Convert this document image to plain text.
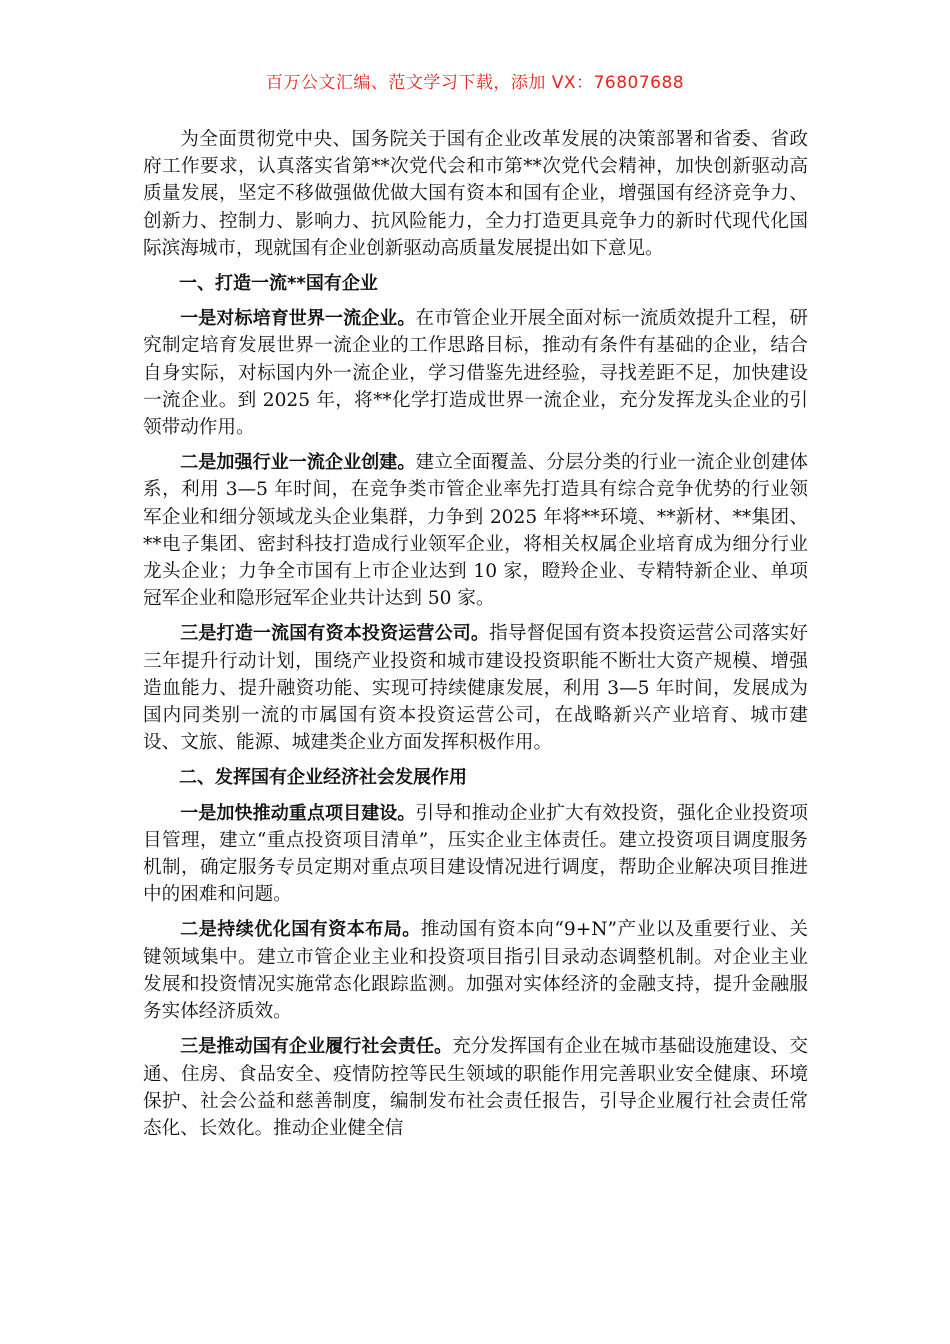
百万公文汇编、范文学习下载，添加 VX：76807688

为全面贯彻党中央、国务院关于国有企业改革发展的决策部署和省委、省政府工作要求，认真落实省第**次党代会和市第**次党代会精神，加快创新驱动高质量发展，坚定不移做强做优做大国有资本和国有企业，增强国有经济竞争力、创新力、控制力、影响力、抗风险能力，全力打造更具竞争力的新时代现代化国际滨海城市，现就国有企业创新驱动高质量发展提出如下意见。

一、打造一流**国有企业

一是对标培育世界一流企业。在市管企业开展全面对标一流质效提升工程，研究制定培育发展世界一流企业的工作思路目标，推动有条件有基础的企业，结合自身实际，对标国内外一流企业，学习借鉴先进经验，寻找差距不足，加快建设一流企业。到 2025 年，将**化学打造成世界一流企业，充分发挥龙头企业的引领带动作用。

二是加强行业一流企业创建。建立全面覆盖、分层分类的行业一流企业创建体系，利用 3—5 年时间，在竞争类市管企业率先打造具有综合竞争优势的行业领军企业和细分领域龙头企业集群，力争到 2025 年将**环境、**新材、**集团、**电子集团、密封科技打造成行业领军企业，将相关权属企业培育成为细分行业龙头企业；力争全市国有上市企业达到 10 家，瞪羚企业、专精特新企业、单项冠军企业和隐形冠军企业共计达到 50 家。

三是打造一流国有资本投资运营公司。指导督促国有资本投资运营公司落实好三年提升行动计划，围绕产业投资和城市建设投资职能不断壮大资产规模、增强造血能力、提升融资功能、实现可持续健康发展，利用 3—5 年时间，发展成为国内同类别一流的市属国有资本投资运营公司，在战略新兴产业培育、城市建设、文旅、能源、城建类企业方面发挥积极作用。

二、发挥国有企业经济社会发展作用

一是加快推动重点项目建设。引导和推动企业扩大有效投资，强化企业投资项目管理，建立“重点投资项目清单”，压实企业主体责任。建立投资项目调度服务机制，确定服务专员定期对重点项目建设情况进行调度，帮助企业解决项目推进中的困难和问题。

二是持续优化国有资本布局。推动国有资本向“9+N”产业以及重要行业、关键领域集中。建立市管企业主业和投资项目指引目录动态调整机制。对企业主业发展和投资情况实施常态化跟踪监测。加强对实体经济的金融支持，提升金融服务实体经济质效。

三是推动国有企业履行社会责任。充分发挥国有企业在城市基础设施建设、交通、住房、食品安全、疫情防控等民生领域的职能作用完善职业安全健康、环境保护、社会公益和慈善制度，编制发布社会责任报告，引导企业履行社会责任常态化、长效化。推动企业健全信
